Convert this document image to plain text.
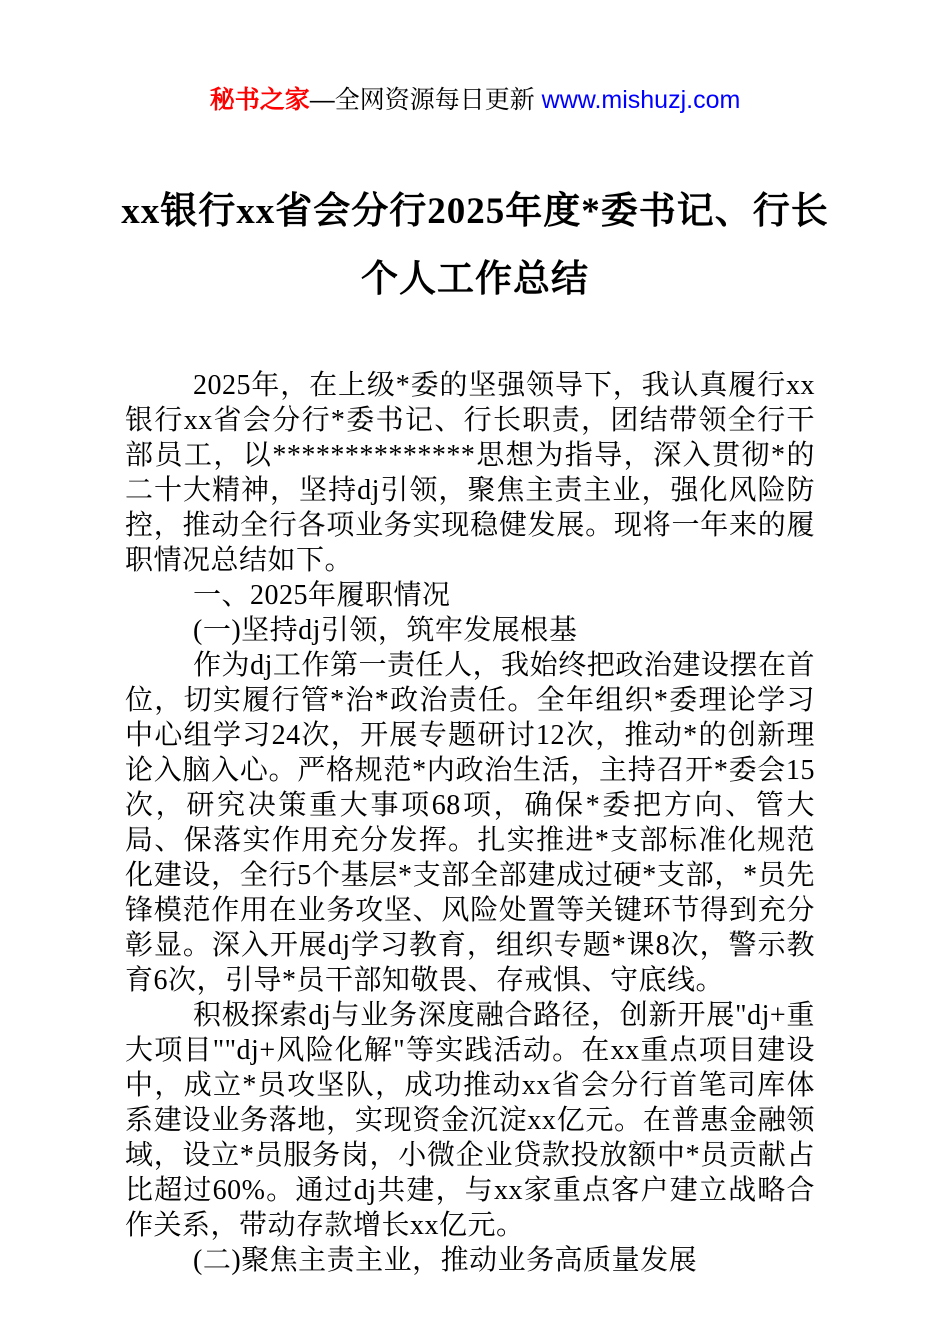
秘书之家—全网资源每日更新 www.mishuzj.com
xx银行xx省会分行2025年度*委书记、行长个人工作总结

2025年，在上级*委的坚强领导下，我认真履行xx银行xx省会分行*委书记、行长职责，团结带领全行干部员工，以**************思想为指导，深入贯彻*的二十大精神，坚持dj引领，聚焦主责主业，强化风险防控，推动全行各项业务实现稳健发展。现将一年来的履职情况总结如下。

一、2025年履职情况

(一)坚持dj引领，筑牢发展根基

作为dj工作第一责任人，我始终把政治建设摆在首位，切实履行管*治*政治责任。全年组织*委理论学习中心组学习24次，开展专题研讨12次，推动*的创新理论入脑入心。严格规范*内政治生活，主持召开*委会15次，研究决策重大事项68项，确保*委把方向、管大局、保落实作用充分发挥。扎实推进*支部标准化规范化建设，全行5个基层*支部全部建成过硬*支部，*员先锋模范作用在业务攻坚、风险处置等关键环节得到充分彰显。深入开展dj学习教育，组织专题*课8次，警示教育6次，引导*员干部知敬畏、存戒惧、守底线。

积极探索dj与业务深度融合路径，创新开展"dj+重大项目""dj+风险化解"等实践活动。在xx重点项目建设中，成立*员攻坚队，成功推动xx省会分行首笔司库体系建设业务落地，实现资金沉淀xx亿元。在普惠金融领域，设立*员服务岗，小微企业贷款投放额中*员贡献占比超过60%。通过dj共建，与xx家重点客户建立战略合作关系，带动存款增长xx亿元。

(二)聚焦主责主业，推动业务高质量发展
